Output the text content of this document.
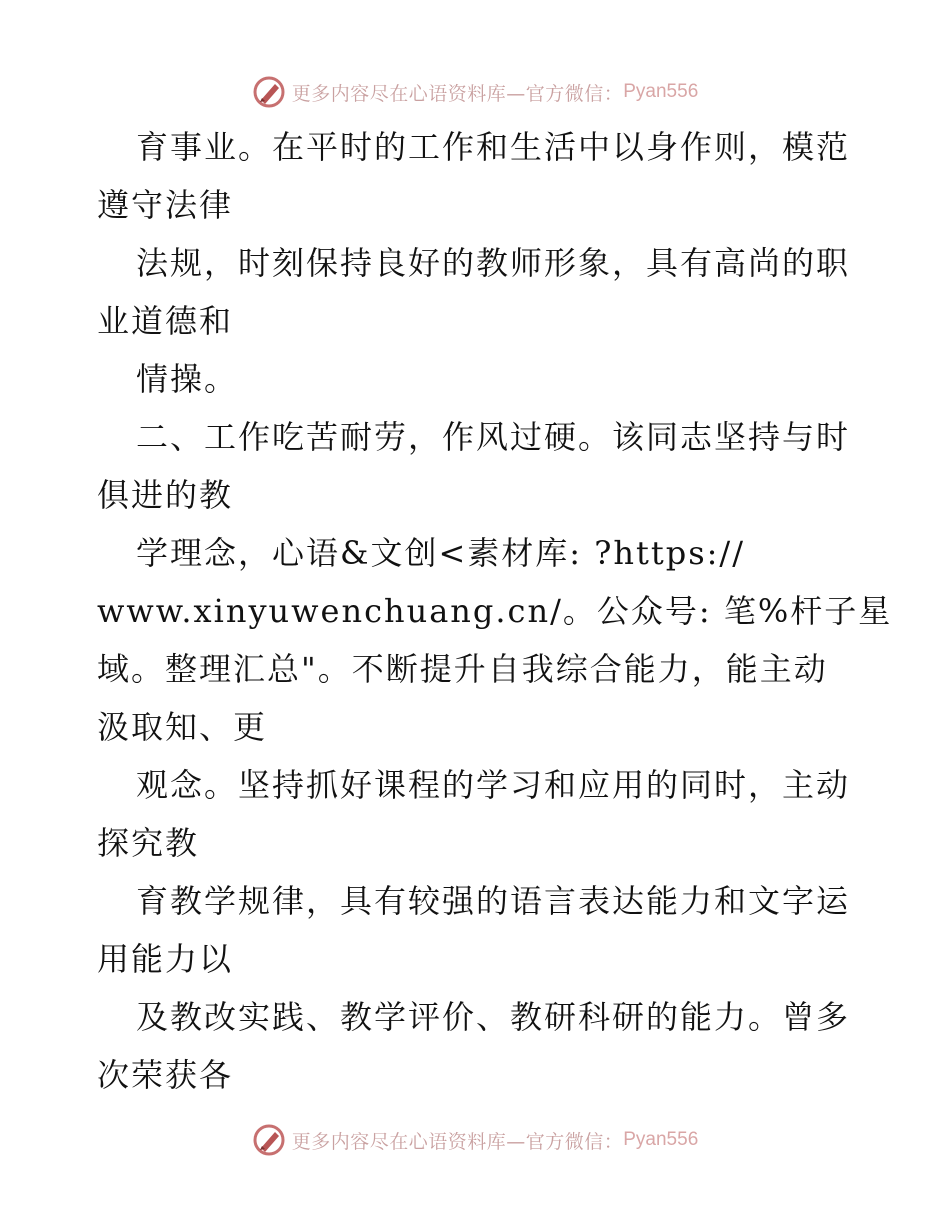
更多内容尽在心语资料库—官方微信： Pyan556
育事业。在平时的工作和生活中以身作则，模范
遵守法律
法规，时刻保持良好的教师形象，具有高尚的职
业道德和
情操。
二、工作吃苦耐劳，作风过硬。该同志坚持与时
俱进的教
学理念，心语&文创<素材库: ?https://
www.xinyuwenchuang.cn/。公众号: 笔%杆子星
域。整理汇总"。不断提升自我综合能力，能主动
汲取知、更
观念。坚持抓好课程的学习和应用的同时，主动
探究教
育教学规律，具有较强的语言表达能力和文字运
用能力以
及教改实践、教学评价、教研科研的能力。曾多
次荣获各
更多内容尽在心语资料库—官方微信： Pyan556
